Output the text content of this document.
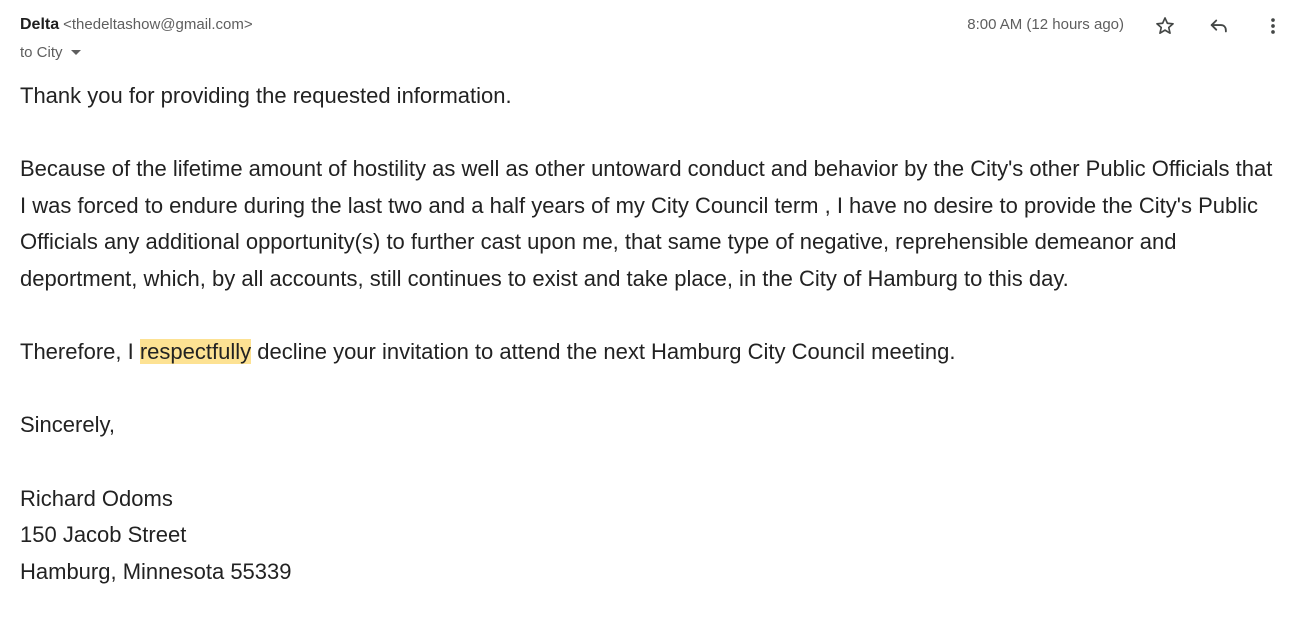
Delta <thedeltashow@gmail.com>
to City
8:00 AM (12 hours ago)

Thank you for providing the requested information.

Because of the lifetime amount of hostility as well as other untoward conduct and behavior by the City's other Public Officials that I was forced to endure during the last two and a half years of my City Council term , I have no desire to provide the City's Public Officials any additional opportunity(s) to further cast upon me, that same type of negative, reprehensible demeanor and deportment, which, by all accounts, still continues to exist and take place, in the City of Hamburg to this day.

Therefore, I respectfully decline your invitation to attend the next Hamburg City Council meeting.

Sincerely,

Richard Odoms

150 Jacob Street

Hamburg, Minnesota 55339
